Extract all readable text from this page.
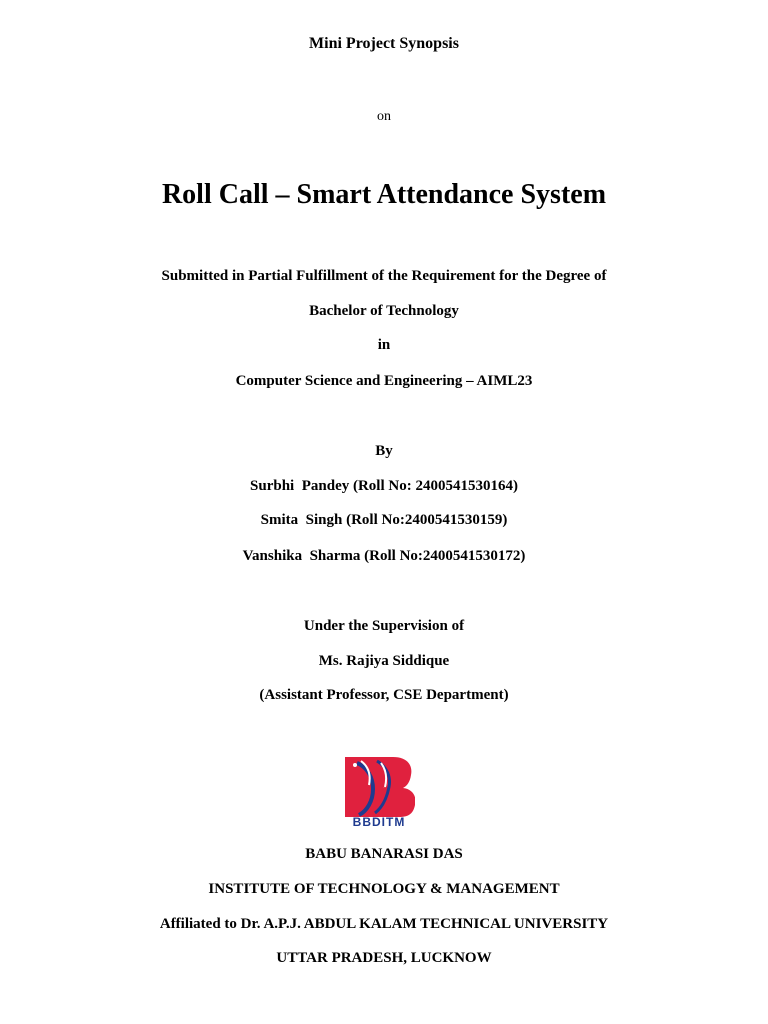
Mini Project Synopsis
on
Roll Call – Smart Attendance System
Submitted in Partial Fulfillment of the Requirement for the Degree of
Bachelor of Technology
in
Computer Science and Engineering – AIML23
By
Surbhi  Pandey (Roll No: 2400541530164)
Smita  Singh (Roll No:2400541530159)
Vanshika  Sharma (Roll No:2400541530172)
Under the Supervision of
Ms. Rajiya Siddique
(Assistant Professor, CSE Department)
BBDITM
BABU BANARASI DAS
INSTITUTE OF TECHNOLOGY & MANAGEMENT
Affiliated to Dr. A.P.J. ABDUL KALAM TECHNICAL UNIVERSITY
UTTAR PRADESH, LUCKNOW
